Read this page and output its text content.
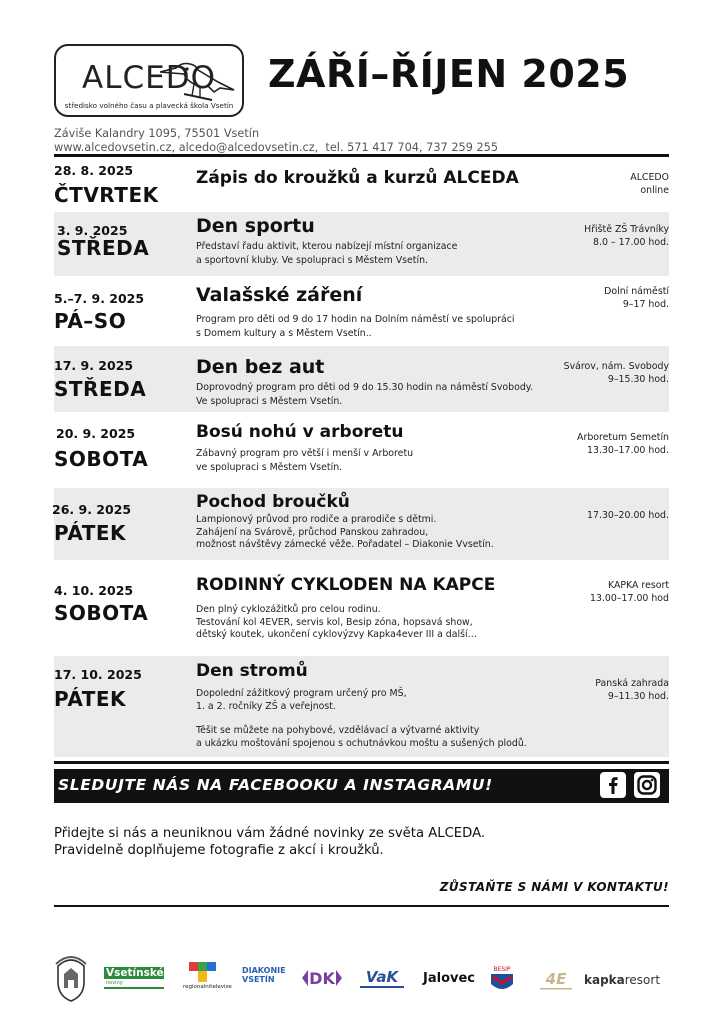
ALCEDO
středisko volného času a plavecká škola Vsetín
ZÁŘÍ–ŘÍJEN 2025
Záviše Kalandry 1095, 75501 Vsetín
www.alcedovsetin.cz, alcedo@alcedovsetin.cz, tel. 571 417 704, 737 259 255
28. 8. 2025
ČTVRTEK
Zápis do kroužků a kurzů ALCEDA	ALCEDO
online
3. 9. 2025
STŘEDA
Den sportu
Představí řadu aktivit, kterou nabízejí místní organizace
a sportovní kluby. Ve spolupraci s Městem Vsetín.
Hřiště ZŠ Trávníky
8.0 – 17.00 hod.
5.–7. 9. 2025
PÁ–SO
Valašské záření
Program pro děti od 9 do 17 hodin na Dolním náměstí ve spolupráci
s Domem kultury a s Městem Vsetín..
Dolní náměstí
9–17 hod.
17. 9. 2025
STŘEDA
Den bez aut
Doprovodný program pro děti od 9 do 15.30 hodin na náměstí Svobody.
Ve spolupraci s Městem Vsetín.
Svárov, nám. Svobody
9–15.30 hod.
20. 9. 2025
SOBOTA
Bosú nohú v arboretu
Zábavný program pro větší i menší v Arboretu
ve spolupraci s Městem Vsetín.
Arboretum Semetín
13.30–17.00 hod.
26. 9. 2025
PÁTEK
Pochod broučků
Lampionový průvod pro rodiče a prarodiče s dětmi.
Zahájení na Svárově, průchod Panskou zahradou,
možnost návštěvy zámecké věže. Pořadatel – Diakonie Vvsetín.
17.30–20.00 hod.
4. 10. 2025
SOBOTA
RODINNÝ CYKLODEN NA KAPCE
Den plný cyklozážitků pro celou rodinu.
Testování kol 4EVER, servis kol, Besip zóna, hopsavá show,
dětský koutek, ukončení cyklovýzvy Kapka4ever III a další…
KAPKA resort
13.00–17.00 hod
17. 10. 2025
PÁTEK
Den stromů
Dopolední zážitkový program určený pro MŠ,
1. a 2. ročníky ZŠ a veřejnost.
Těšit se můžete na pohybové, vzdělávací a výtvarné aktivity
a ukázku moštování spojenou s ochutnávkou moštu a sušených plodů.
Panská zahrada
9–11.30 hod.
SLEDUJTE NÁS NA FACEBOOKU A INSTAGRAMU!
Přidejte si nás a neuniknou vám žádné novinky ze světa ALCEDA.
Pravidelně doplňujeme fotografie z akcí i kroužků.
ZŮSTAŇTE S NÁMI V KONTAKTU!
Vsetínské
noviny
regionalnitelevize
DIAKONIE
VSETÍN	DK VaK Jalovec
BESIP
4E kapkaresort
